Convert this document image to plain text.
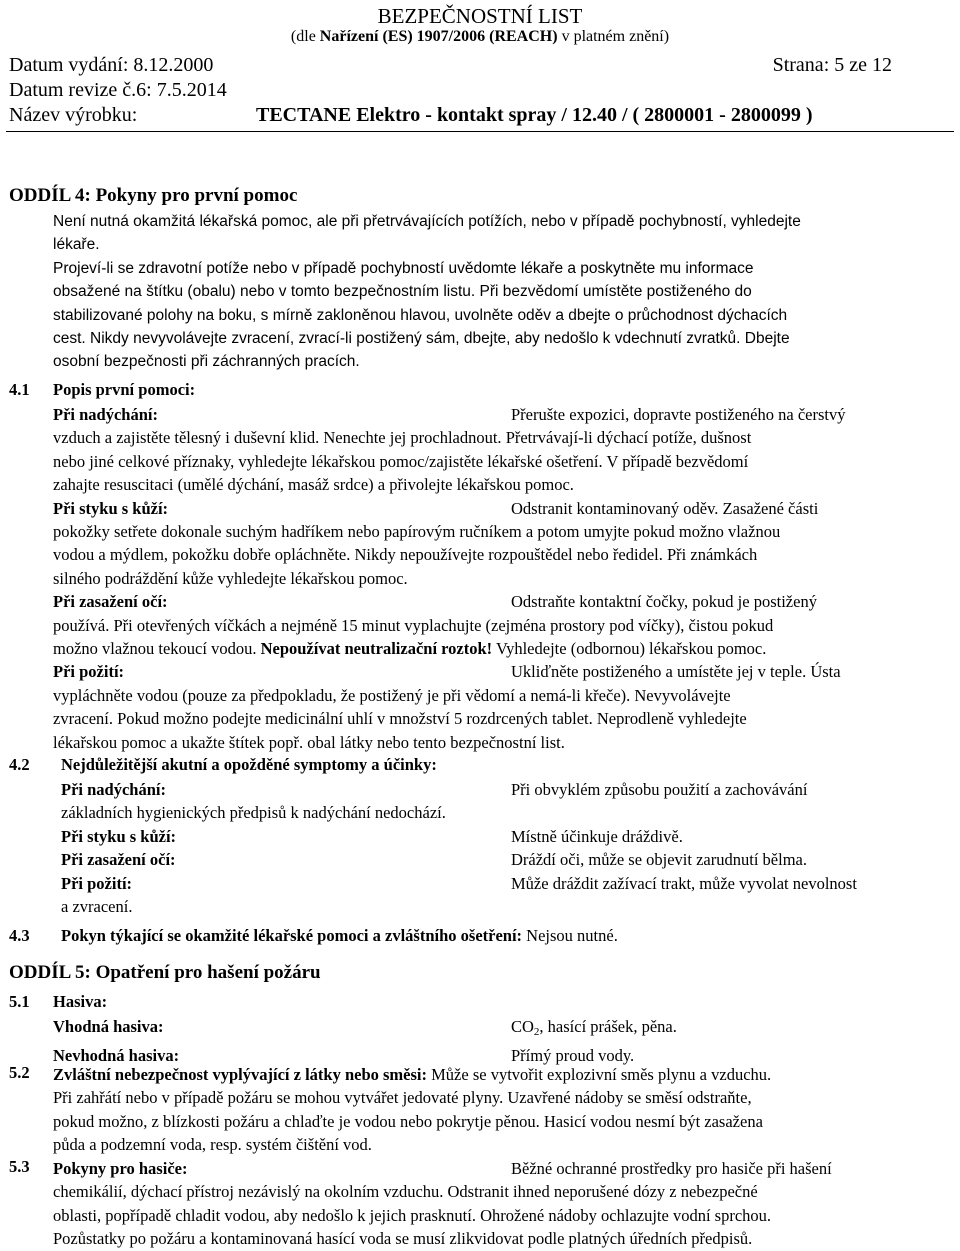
BEZPEČNOSTNÍ LIST
(dle Nařízení (ES) 1907/2006 (REACH) v platném znění)
Datum vydání: 8.12.2000	Strana: 5 ze 12
Datum revize č.6: 7.5.2014
Název výrobku:	TECTANE Elektro - kontakt spray / 12.40 / ( 2800001 - 2800099 )
ODDÍL 4: Pokyny pro první pomoc
Není nutná okamžitá lékařská pomoc, ale při přetrvávajících potížích, nebo v případě pochybností, vyhledejte
lékaře.
Projeví-li se zdravotní potíže nebo v případě pochybností uvědomte lékaře a poskytněte mu informace
obsažené na štítku (obalu) nebo v tomto bezpečnostním listu. Při bezvědomí umístěte postiženého do
stabilizované polohy na boku, s mírně zakloněnou hlavou, uvolněte oděv a dbejte o průchodnost dýchacích
cest. Nikdy nevyvolávejte zvracení, zvrací-li postižený sám, dbejte, aby nedošlo k vdechnutí zvratků. Dbejte
osobní bezpečnosti při záchranných pracích.
4.1 Popis první pomoci:
Při nadýchání:	Přerušte expozici, dopravte postiženého na čerstvý
vzduch a zajistěte tělesný i duševní klid. Nenechte jej prochladnout. Přetrvávají-li dýchací potíže, dušnost
nebo jiné celkové příznaky, vyhledejte lékařskou pomoc/zajistěte lékařské ošetření. V případě bezvědomí
zahajte resuscitaci (umělé dýchání, masáž srdce) a přivolejte lékařskou pomoc.
Při styku s kůží:	Odstranit kontaminovaný oděv. Zasažené části
pokožky setřete dokonale suchým hadříkem nebo papírovým ručníkem a potom umyjte pokud možno vlažnou
vodou a mýdlem, pokožku dobře opláchněte. Nikdy nepoužívejte rozpouštědel nebo ředidel. Při známkách
silného podráždění kůže vyhledejte lékařskou pomoc.
Při zasažení očí:	Odstraňte kontaktní čočky, pokud je postižený
používá. Při otevřených víčkách a nejméně 15 minut vyplachujte (zejména prostory pod víčky), čistou pokud
možno vlažnou tekoucí vodou. Nepoužívat neutralizační roztok! Vyhledejte (odbornou) lékařskou pomoc.
Při požití:	Ukliďněte postiženého a umístěte jej v teple. Ústa
vypláchněte vodou (pouze za předpokladu, že postižený je při vědomí a nemá-li křeče). Nevyvolávejte
zvracení. Pokud možno podejte medicinální uhlí v množství 5 rozdrcených tablet. Neprodleně vyhledejte
lékařskou pomoc a ukažte štítek popř. obal látky nebo tento bezpečnostní list.
4.2 Nejdůležitější akutní a opožděné symptomy a účinky:
Při nadýchání:	Při obvyklém způsobu použití a zachovávání
základních hygienických předpisů k nadýchání nedochází.
Při styku s kůží:	Místně účinkuje dráždivě.
Při zasažení očí:	Dráždí oči, může se objevit zarudnutí bělma.
Při požití:	Může dráždit zažívací trakt, může vyvolat nevolnost
a zvracení.
4.3 Pokyn týkající se okamžité lékařské pomoci a zvláštního ošetření: Nejsou nutné.
ODDÍL 5: Opatření pro hašení požáru
5.1 Hasiva:
Vhodná hasiva:	$CO_2$, hasící prášek, pěna.
Nevhodná hasiva:	Přímý proud vody.
5.2 Zvláštní nebezpečnost vyplývající z látky nebo směsi: Může se vytvořit explozivní směs plynu a vzduchu.
Při zahřátí nebo v případě požáru se mohou vytvářet jedovaté plyny. Uzavřené nádoby se směsí odstraňte,
pokud možno, z blízkosti požáru a chlaďte je vodou nebo pokrytje pěnou. Hasicí vodou nesmí být zasažena
půda a podzemní voda, resp. systém čištění vod.
5.3 Pokyny pro hasiče:	Běžné ochranné prostředky pro hasiče při hašení
chemikálií, dýchací přístroj nezávislý na okolním vzduchu. Odstranit ihned neporušené dózy z nebezpečné
oblasti, popřípadě chladit vodou, aby nedošlo k jejich prasknutí. Ohrožené nádoby ochlazujte vodní sprchou.
Pozůstatky po požáru a kontaminovaná hasící voda se musí zlikvidovat podle platných úředních předpisů.
